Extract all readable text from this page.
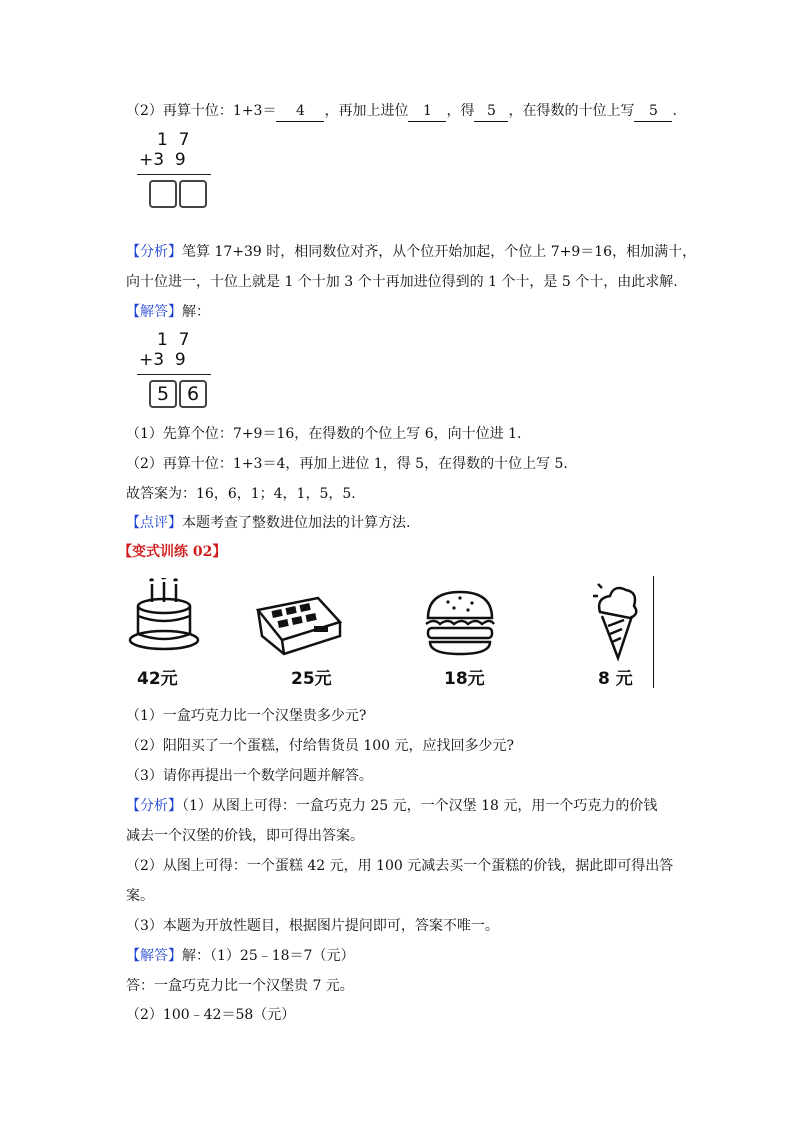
（2）再算十位：1+3＝ 4 ，再加上进位 1 ，得 5 ，在得数的十位上写 5 .
1  7
+3  9
【分析】笔算 17+39 时，相同数位对齐，从个位开始加起，个位上 7+9＝16，相加满十，
向十位进一，十位上就是 1 个十加 3 个十再加进位得到的 1 个十，是 5 个十，由此求解.
【解答】解：
1  7
+3  9
5 6
（1）先算个位：7+9＝16，在得数的个位上写 6，向十位进 1.
（2）再算十位：1+3＝4，再加上进位 1，得 5，在得数的十位上写 5.
故答案为：16，6，1；4，1，5，5.
【点评】本题考查了整数进位加法的计算方法.
【变式训练 02】
42元	25元	18元	8 元
（1）一盒巧克力比一个汉堡贵多少元?
（2）阳阳买了一个蛋糕，付给售货员 100 元，应找回多少元?
（3）请你再提出一个数学问题并解答。
【分析】（1）从图上可得：一盒巧克力 25 元，一个汉堡 18 元，用一个巧克力的价钱
减去一个汉堡的价钱，即可得出答案。
（2）从图上可得：一个蛋糕 42 元，用 100 元减去买一个蛋糕的价钱，据此即可得出答
案。
（3）本题为开放性题目，根据图片提问即可，答案不唯一。
【解答】解：（1）25﹣18＝7（元）
答：一盒巧克力比一个汉堡贵 7 元。
（2）100﹣42＝58（元）
